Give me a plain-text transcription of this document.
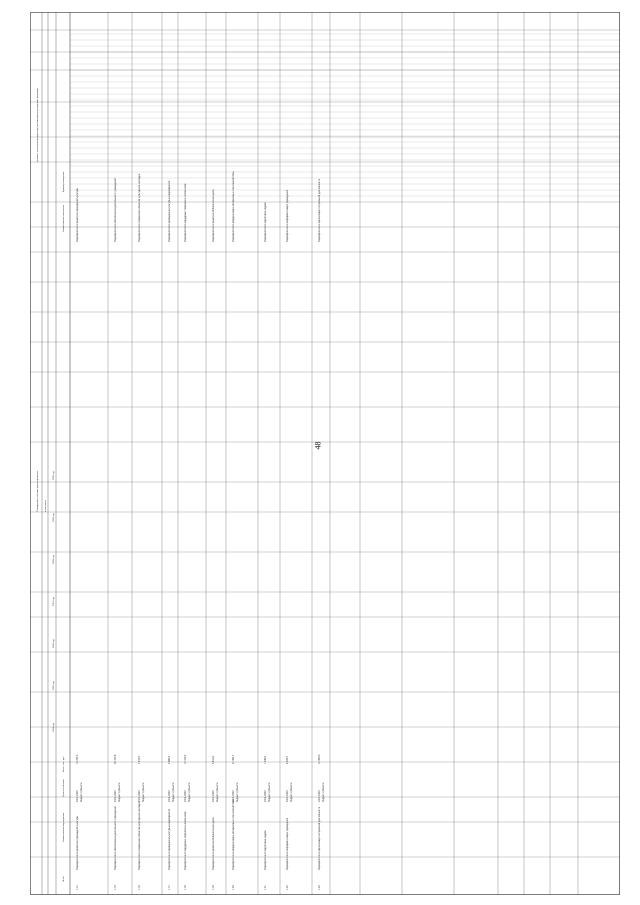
48
Планируемые объемы финансирования
Целевые показатели (индикаторы) реализации мероприятий программы
в том числе
№ п/п
Наименование мероприятия
Срок исполнения
Всего, тыс. руб.
Наименование показателя
Единица измерения
2014 год
2015 год
2016 год
2017 год
2018 год
2019 год
2020 год
1.14
Мероприятие по развитию учреждений культуры
2014-2020 Бюджет субъекта
10 734,3
Мероприятие по развитию учреждений культуры
1.15
Мероприятие по обеспечению деятельности учреждений
2014-2020 Бюджет субъекта
46 153,6
Мероприятие по обеспечению деятельности учреждений
1.16
Мероприятие по сохранению объектов культурного наследия
2014-2020 Бюджет субъекта
7 210,5
Мероприятие по сохранению объектов культурного наследия
1.17
Мероприятие по проведению культурных мероприятий
2014-2020 Бюджет субъекта
3 985,0
Мероприятие по проведению культурных мероприятий
1.18
Мероприятие по поддержке творческих коллективов
2014-2020 Бюджет субъекта
12 440,2
Мероприятие по поддержке творческих коллективов
1.19
Мероприятие по развитию библиотечного дела
2014-2020 Бюджет субъекта
5 612,8
Мероприятие по развитию библиотечного дела
1.20
Мероприятие по модернизации материально-технической базы
2014-2020 Бюджет субъекта
21 004,7
Мероприятие по модернизации материально-технической базы
1.21
Мероприятие по подготовке кадров
2014-2020 Бюджет субъекта
1 208,9
Мероприятие по подготовке кадров
1.22
Мероприятие по информатизации учреждений
2014-2020 Бюджет субъекта
9 376,4
Мероприятие по информатизации учреждений
1.23
Мероприятие по организации гастрольной деятельности
2014-2020 Бюджет субъекта
14 550,0
Мероприятие по организации гастрольной деятельности
